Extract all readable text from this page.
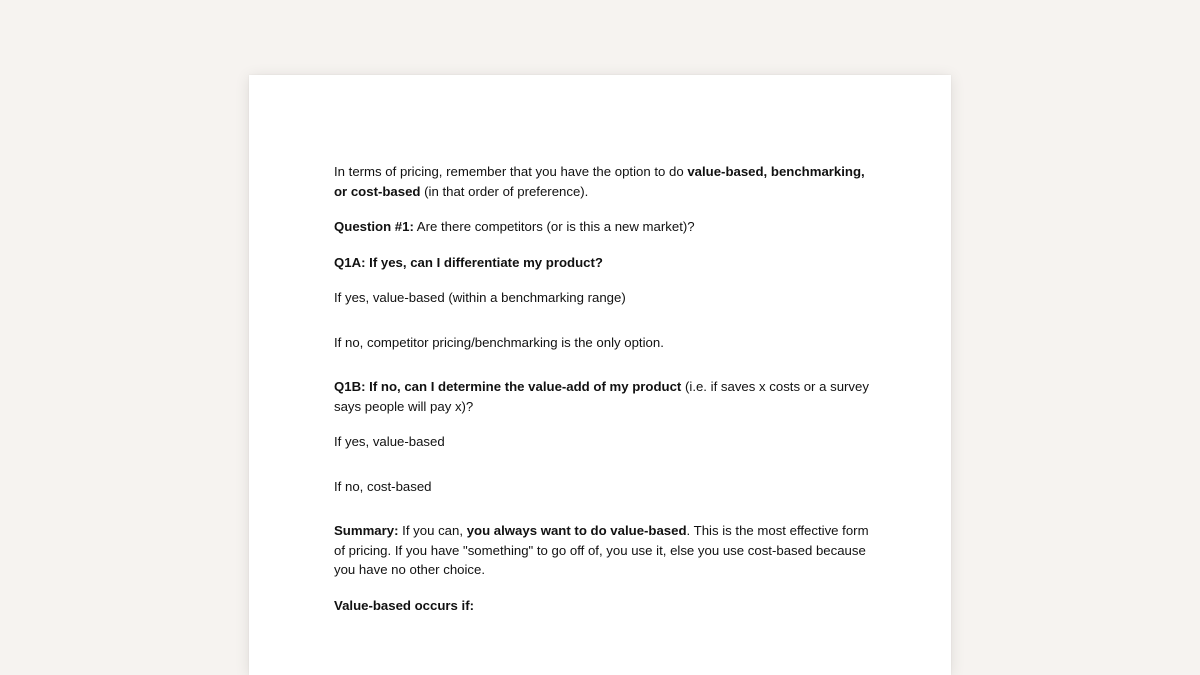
In terms of pricing, remember that you have the option to do value-based, benchmarking, or cost-based (in that order of preference).

Question #1: Are there competitors (or is this a new market)?

Q1A: If yes, can I differentiate my product?

If yes, value-based (within a benchmarking range)

If no, competitor pricing/benchmarking is the only option.

Q1B: If no, can I determine the value-add of my product (i.e. if saves x costs or a survey says people will pay x)?

If yes, value-based

If no, cost-based

Summary: If you can, you always want to do value-based. This is the most effective form of pricing. If you have "something" to go off of, you use it, else you use cost-based because you have no other choice.

Value-based occurs if:
